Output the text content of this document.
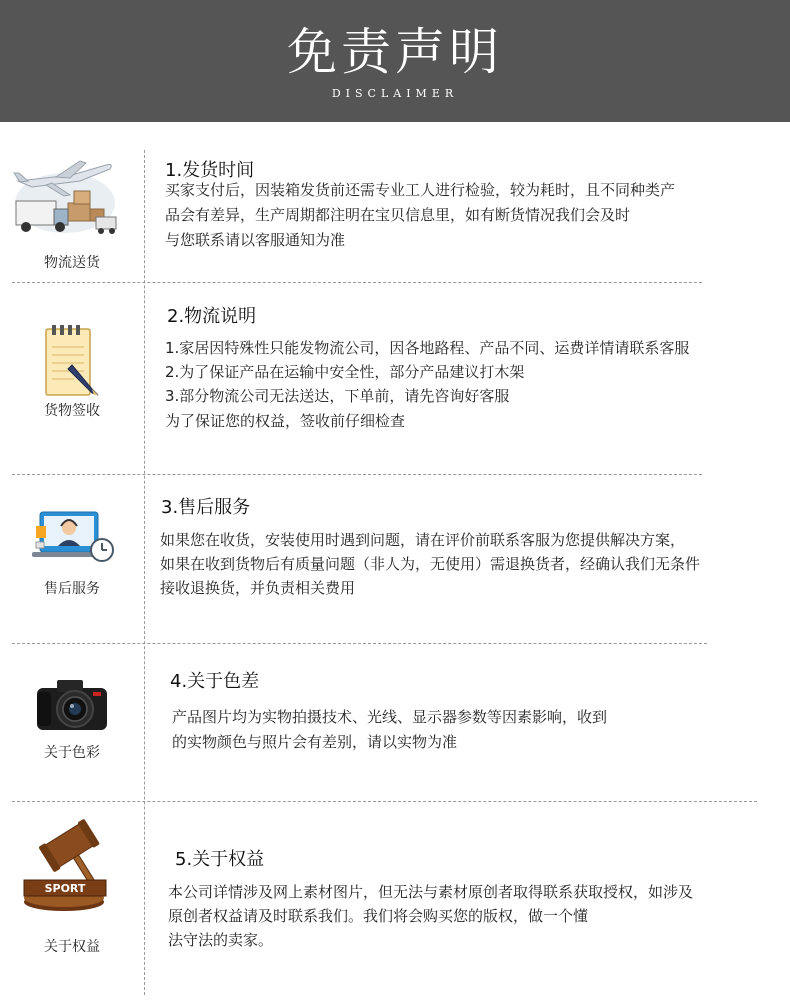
免责声明
DISCLAIMER
物流送货
1.发货时间
买家支付后，因装箱发货前还需专业工人进行检验，较为耗时，且不同种类产
品会有差异，生产周期都注明在宝贝信息里，如有断货情况我们会及时
与您联系请以客服通知为准
货物签收
2.物流说明
1.家居因特殊性只能发物流公司，因各地路程、产品不同、运费详情请联系客服
2.为了保证产品在运输中安全性，部分产品建议打木架
3.部分物流公司无法送达，下单前，请先咨询好客服
为了保证您的权益，签收前仔细检查
售后服务
3.售后服务
如果您在收货，安装使用时遇到问题，请在评价前联系客服为您提供解决方案，
如果在收到货物后有质量问题（非人为，无使用）需退换货者，经确认我们无条件
接收退换货，并负责相关费用
关于色彩
4.关于色差
产品图片均为实物拍摄技术、光线、显示器参数等因素影响，收到
的实物颜色与照片会有差别，请以实物为准
SPORT
关于权益
5.关于权益
本公司详情涉及网上素材图片，但无法与素材原创者取得联系获取授权，如涉及
原创者权益请及时联系我们。我们将会购买您的版权，做一个懂
法守法的卖家。
